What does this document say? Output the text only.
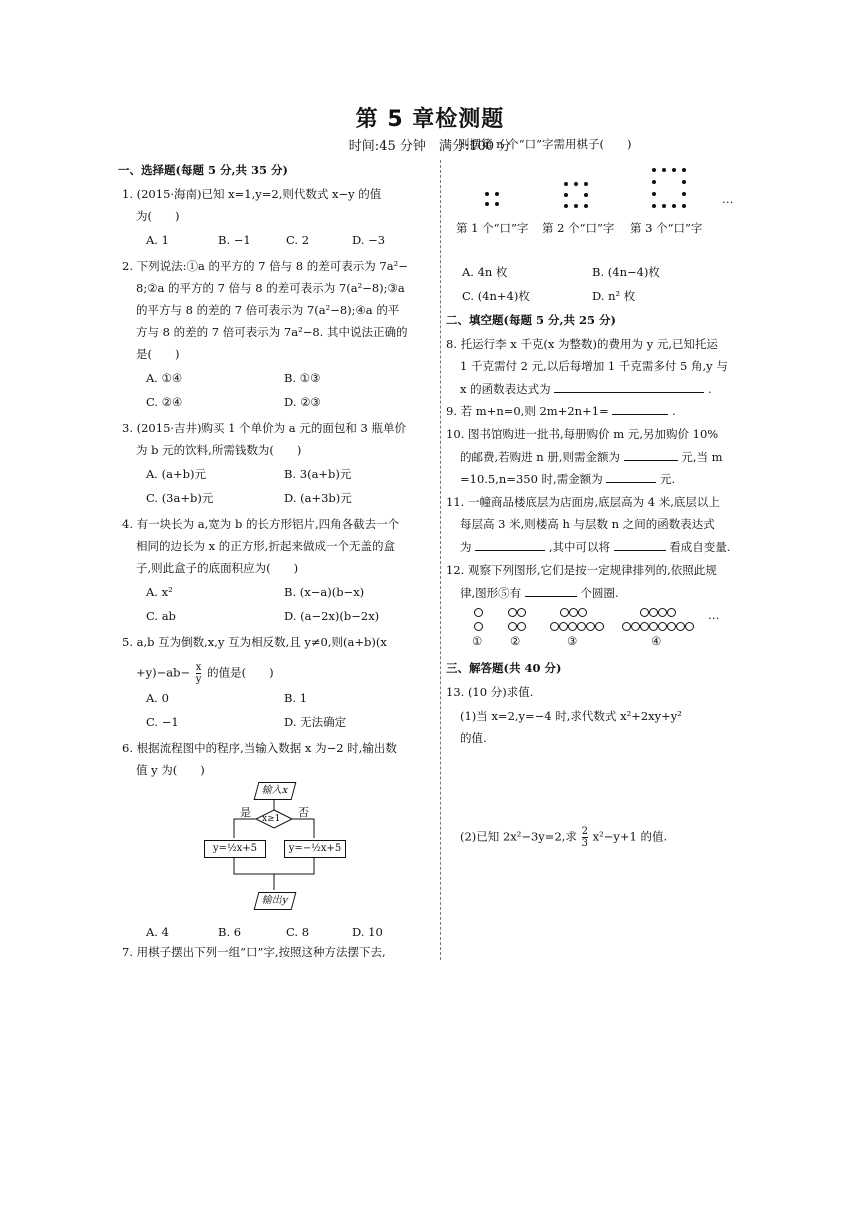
第 5 章检测题
时间:45 分钟　满分:100 分
一、选择题(每题 5 分,共 35 分)
1. (2015·海南)已知 x=1,y=2,则代数式 x−y 的值
为(　　)
A. 1	B. −1	C. 2	D. −3
2. 下列说法:①a 的平方的 7 倍与 8 的差可表示为 7a²−
8;②a 的平方的 7 倍与 8 的差可表示为 7(a²−8);③a
的平方与 8 的差的 7 倍可表示为 7(a²−8);④a 的平
方与 8 的差的 7 倍可表示为 7a²−8. 其中说法正确的
是(　　)
A. ①④	B. ①③
C. ②④	D. ②③
3. (2015·吉井)购买 1 个单价为 a 元的面包和 3 瓶单价
为 b 元的饮料,所需钱数为(　　)
A. (a+b)元	B. 3(a+b)元
C. (3a+b)元	D. (a+3b)元
4. 有一块长为 a,宽为 b 的长方形铝片,四角各截去一个
相同的边长为 x 的正方形,折起来做成一个无盖的盒
子,则此盒子的底面积应为(　　)
A. x²	B. (x−a)(b−x)
C. ab	D. (a−2x)(b−2x)
5. a,b 互为倒数,x,y 互为相反数,且 y≠0,则(a+b)(x
$+y)-ab- \frac{x}{y}$ 的值是(　　)
A. 0	B. 1
C. −1	D. 无法确定
6. 根据流程图中的程序,当输入数据 x 为−2 时,输出数
值 y 为(　　)
输入x
是	否
x≥1
y=½x+5	y=−½x+5
输出y
A. 4	B. 6	C. 8	D. 10
7. 用棋子摆出下列一组“口”字,按照这种方法摆下去,
则摆第 n 个“口”字需用棋子(　　)
…
第 1 个“口”字 第 2 个“口”字 第 3 个“口”字
A. 4n 枚	B. (4n−4)枚
C. (4n+4)枚	D. n² 枚
二、填空题(每题 5 分,共 25 分)
8. 托运行李 x 千克(x 为整数)的费用为 y 元,已知托运
1 千克需付 2 元,以后每增加 1 千克需多付 5 角,y 与
x 的函数表达式为	.
9. 若 m+n=0,则 2m+2n+1=	.
10. 图书馆购进一批书,每册购价 m 元,另加购价 10%
的邮费,若购进 n 册,则需金额为	元,当 m
=10.5,n=350 时,需金额为	元.
11. 一幢商品楼底层为店面房,底层高为 4 米,底层以上
每层高 3 米,则楼高 h 与层数 n 之间的函数表达式
为	,其中可以将	看成自变量.
12. 观察下列图形,它们是按一定规律排列的,依照此规
律,图形⑤有	个圆圈.
…
① ②	③	④
三、解答题(共 40 分)
13. (10 分)求值.
(1)当 x=2,y=−4 时,求代数式 x²+2xy+y²
的值.
(2)已知 2x²−3y=2,求 $\frac{2}{3} x^2-y+1$ 的值.
